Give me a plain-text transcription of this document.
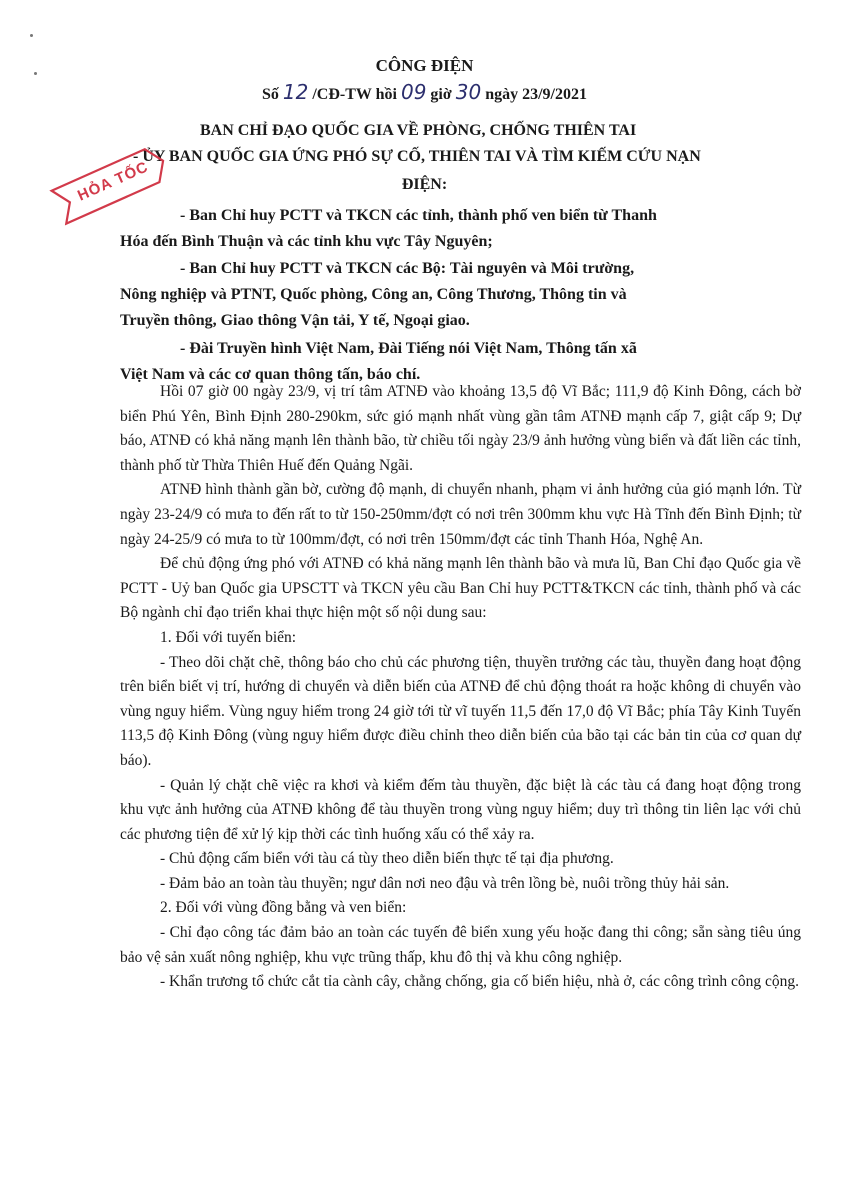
CÔNG ĐIỆN
Số 12 /CĐ-TW hồi 09 giờ 30 ngày 23/9/2021
BAN CHỈ ĐẠO QUỐC GIA VỀ PHÒNG, CHỐNG THIÊN TAI
- ỦY BAN QUỐC GIA ỨNG PHÓ SỰ CỐ, THIÊN TAI VÀ TÌM KIẾM CỨU NẠN
ĐIỆN:
HỎA TỐC
- Ban Chỉ huy PCTT và TKCN các tỉnh, thành phố ven biển từ Thanh
Hóa đến Bình Thuận và các tỉnh khu vực Tây Nguyên;
- Ban Chỉ huy PCTT và TKCN các Bộ: Tài nguyên và Môi trường,
Nông nghiệp và PTNT, Quốc phòng, Công an, Công Thương, Thông tin và
Truyền thông, Giao thông Vận tải, Y tế, Ngoại giao.
- Đài Truyền hình Việt Nam, Đài Tiếng nói Việt Nam, Thông tấn xã
Việt Nam và các cơ quan thông tấn, báo chí.

Hồi 07 giờ 00 ngày 23/9, vị trí tâm ATNĐ vào khoảng 13,5 độ Vĩ Bắc; 111,9 độ Kinh Đông, cách bờ biển Phú Yên, Bình Định 280-290km, sức gió mạnh nhất vùng gần tâm ATNĐ mạnh cấp 7, giật cấp 9; Dự báo, ATNĐ có khả năng mạnh lên thành bão, từ chiều tối ngày 23/9 ảnh hưởng vùng biển và đất liền các tỉnh, thành phố từ Thừa Thiên Huế đến Quảng Ngãi.

ATNĐ hình thành gần bờ, cường độ mạnh, di chuyển nhanh, phạm vi ảnh hưởng của gió mạnh lớn. Từ ngày 23-24/9 có mưa to đến rất to từ 150-250mm/đợt có nơi trên 300mm khu vực Hà Tĩnh đến Bình Định; từ ngày 24-25/9 có mưa to từ 100mm/đợt, có nơi trên 150mm/đợt các tỉnh Thanh Hóa, Nghệ An.

Để chủ động ứng phó với ATNĐ có khả năng mạnh lên thành bão và mưa lũ, Ban Chỉ đạo Quốc gia về PCTT - Uỷ ban Quốc gia UPSCTT và TKCN yêu cầu Ban Chỉ huy PCTT&TKCN các tỉnh, thành phố và các Bộ ngành chỉ đạo triển khai thực hiện một số nội dung sau:

1. Đối với tuyến biển:

- Theo dõi chặt chẽ, thông báo cho chủ các phương tiện, thuyền trưởng các tàu, thuyền đang hoạt động trên biển biết vị trí, hướng di chuyển và diễn biến của ATNĐ để chủ động thoát ra hoặc không di chuyển vào vùng nguy hiểm. Vùng nguy hiểm trong 24 giờ tới từ vĩ tuyến 11,5 đến 17,0 độ Vĩ Bắc; phía Tây Kinh Tuyến 113,5 độ Kinh Đông (vùng nguy hiểm được điều chỉnh theo diễn biến của bão tại các bản tin của cơ quan dự báo).

- Quản lý chặt chẽ việc ra khơi và kiểm đếm tàu thuyền, đặc biệt là các tàu cá đang hoạt động trong khu vực ảnh hưởng của ATNĐ không để tàu thuyền trong vùng nguy hiểm; duy trì thông tin liên lạc với chủ các phương tiện để xử lý kịp thời các tình huống xấu có thể xảy ra.

- Chủ động cấm biển với tàu cá tùy theo diễn biến thực tế tại địa phương.

- Đảm bảo an toàn tàu thuyền; ngư dân nơi neo đậu và trên lồng bè, nuôi trồng thủy hải sản.

2. Đối với vùng đồng bằng và ven biển:

- Chỉ đạo công tác đảm bảo an toàn các tuyến đê biển xung yếu hoặc đang thi công; sẵn sàng tiêu úng bảo vệ sản xuất nông nghiệp, khu vực trũng thấp, khu đô thị và khu công nghiệp.

- Khẩn trương tổ chức cắt tỉa cành cây, chằng chống, gia cố biển hiệu, nhà ở, các công trình công cộng.
